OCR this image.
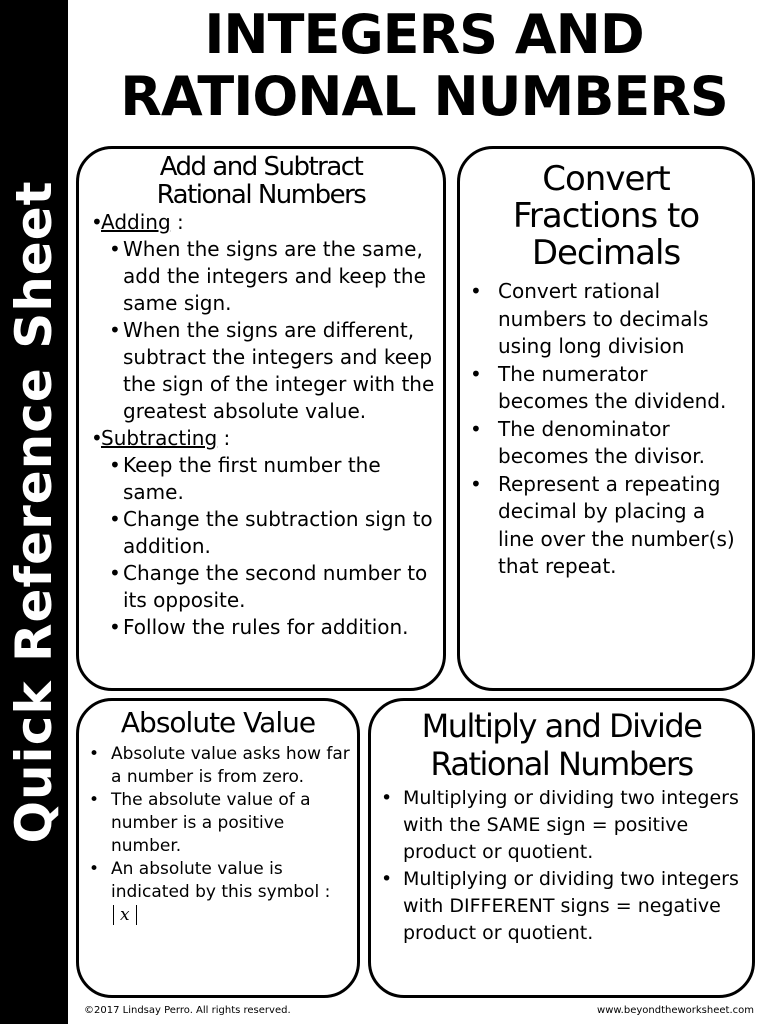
Quick Reference Sheet
INTEGERS AND
RATIONAL NUMBERS
Add and Subtract
Rational Numbers
• Adding :
• When the signs are the same, add the integers and keep the same sign.
• When the signs are different, subtract the integers and keep the sign of the integer with the greatest absolute value.
• Subtracting :
• Keep the first number the same.
• Change the subtraction sign to addition.
• Change the second number to its opposite.
• Follow the rules for addition.
Convert
Fractions to
Decimals
• Convert rational numbers to decimals using long division
• The numerator becomes the dividend.
• The denominator becomes the divisor.
• Represent a repeating decimal by placing a line over the number(s) that repeat.
Absolute Value
• Absolute value asks how far a number is from zero.
• The absolute value of a number is a positive number.
• An absolute value is indicated by this symbol :x
Multiply and Divide
Rational Numbers
• Multiplying or dividing two integers with the SAME sign = positive product or quotient.
• Multiplying or dividing two integers with DIFFERENT signs = negative product or quotient.
©2017 Lindsay Perro. All rights reserved.	www.beyondtheworksheet.com
